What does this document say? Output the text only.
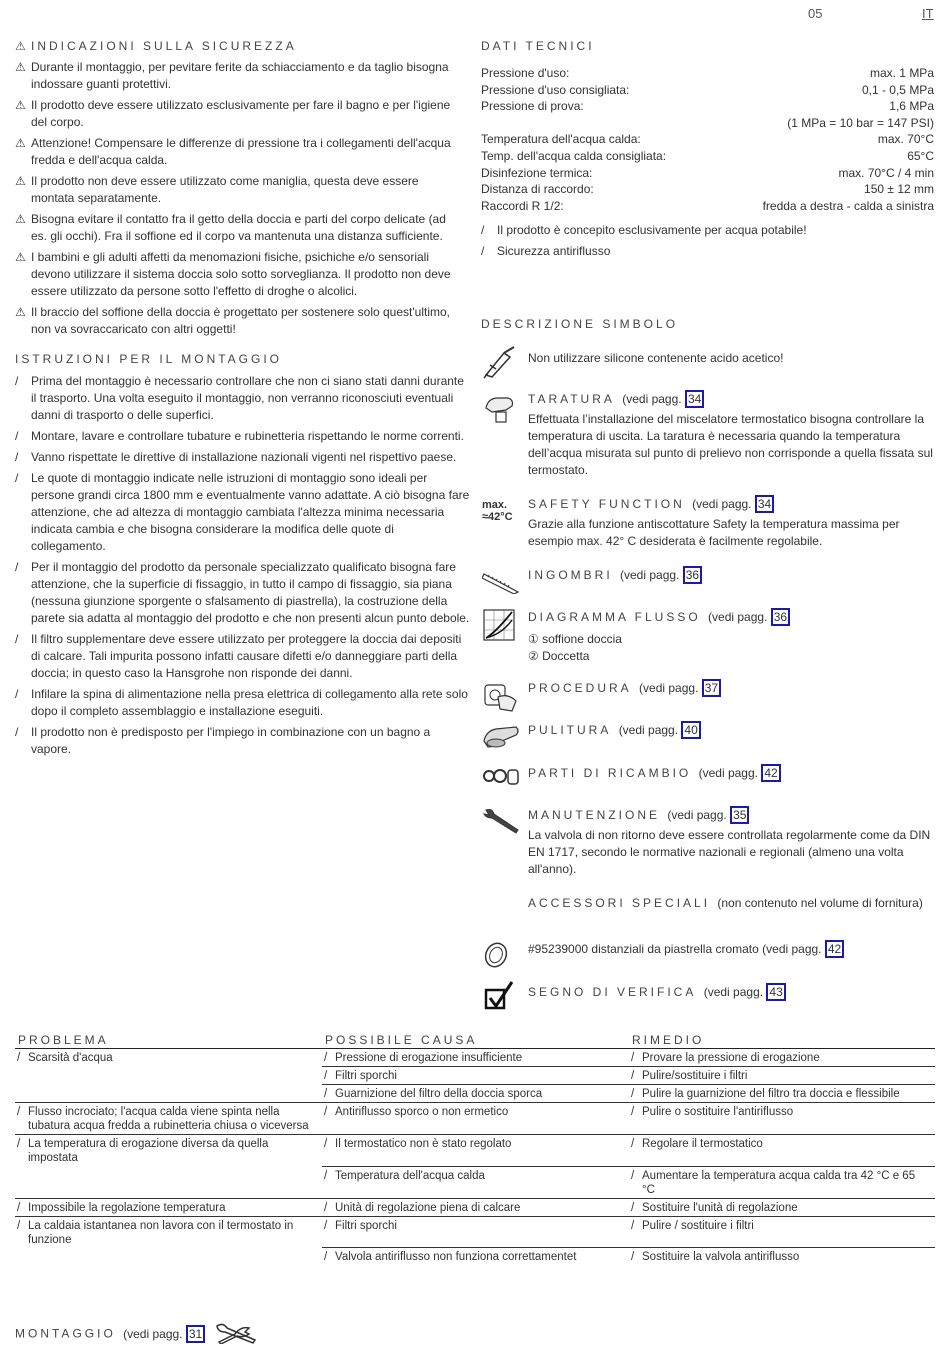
05	IT
⚠ INDICAZIONI SULLA SICUREZZA
⚠ Durante il montaggio, per pevitare ferite da schiacciamento e da taglio bisogna indossare guanti protettivi.
⚠ Il prodotto deve essere utilizzato esclusivamente per fare il bagno e per l'igiene del corpo.
⚠ Attenzione! Compensare le differenze di pressione tra i collegamenti dell'acqua fredda e dell'acqua calda.
⚠ Il prodotto non deve essere utilizzato come maniglia, questa deve essere montata separatamente.
⚠ Bisogna evitare il contatto fra il getto della doccia e parti del corpo delicate (ad es. gli occhi). Fra il soffione ed il corpo va mantenuta una distanza sufficiente.
⚠ I bambini e gli adulti affetti da menomazioni fisiche, psichiche e/o sensoriali devono utilizzare il sistema doccia solo sotto sorveglianza. Il prodotto non deve essere utilizzato da persone sotto l'effetto di droghe o alcolici.
⚠ Il braccio del soffione della doccia è progettato per sostenere solo quest'ultimo, non va sovraccaricato con altri oggetti!
ISTRUZIONI PER IL MONTAGGIO
/ Prima del montaggio è necessario controllare che non ci siano stati danni durante il trasporto. Una volta eseguito il montaggio, non verranno riconosciuti eventuali danni di trasporto o delle superfici.
/ Montare, lavare e controllare tubature e rubinetteria rispettando le norme correnti.
/ Vanno rispettate le direttive di installazione nazionali vigenti nel rispettivo paese.
/ Le quote di montaggio indicate nelle istruzioni di montaggio sono ideali per persone grandi circa 1800 mm e eventualmente vanno adattate. A ciò bisogna fare attenzione, che ad altezza di montaggio cambiata l'altezza minima necessaria indicata cambia e che bisogna considerare la modifica delle quote di collegamento.
/ Per il montaggio del prodotto da personale specializzato qualificato bisogna fare attenzione, che la superficie di fissaggio, in tutto il campo di fissaggio, sia piana (nessuna giunzione sporgente o sfalsamento di piastrella), la costruzione della parete sia adatta al montaggio del prodotto e che non presenti alcun punto debole.
/ Il filtro supplementare deve essere utilizzato per proteggere la doccia dai depositi di calcare. Tali impurita possono infatti causare difetti e/o danneggiare parti della doccia; in questo caso la Hansgrohe non risponde dei danni.
/ Infilare la spina di alimentazione nella presa elettrica di collegamento alla rete solo dopo il completo assemblaggio e installazione eseguiti.
/ Il prodotto non è predisposto per l'impiego in combinazione con un bagno a vapore.
DATI TECNICI
Pressione d'uso:	max. 1 MPa
Pressione d'uso consigliata:	0,1 - 0,5 MPa
Pressione di prova:	1,6 MPa
(1 MPa = 10 bar = 147 PSI)
Temperatura dell'acqua calda:	max. 70°C
Temp. dell'acqua calda consigliata:	65°C
Disinfezione termica:	max. 70°C / 4 min
Distanza di raccordo:	150 ± 12 mm
Raccordi R 1/2:	fredda a destra - calda a sinistra
/ Il prodotto è concepito esclusivamente per acqua potabile!
/ Sicurezza antiriflusso
DESCRIZIONE SIMBOLO
Non utilizzare silicone contenente acido acetico!
TARATURA (vedi pagg. 34
Effettuata l’installazione del miscelatore termostatico bisogna controllare la temperatura di uscita. La taratura è necessaria quando la temperatura dell’acqua misurata sul punto di prelievo non corrisponde a quella fissata sul termostato.
max.
≈42°C
SAFETY FUNCTION (vedi pagg. 34
Grazie alla funzione antiscottature Safety la temperatura massima per esempio max. 42° C desiderata è facilmente regolabile.
INGOMBRI (vedi pagg. 36
DIAGRAMMA FLUSSO (vedi pagg. 36
① soffione doccia
② Doccetta
PROCEDURA (vedi pagg. 37
PULITURA (vedi pagg. 40
PARTI DI RICAMBIO (vedi pagg. 42
MANUTENZIONE (vedi pagg. 35
La valvola di non ritorno deve essere controllata regolarmente come da DIN EN 1717, secondo le normative nazionali e regionali (almeno una volta all'anno).
ACCESSORI SPECIALI (non contenuto nel volume di fornitura)
#95239000 distanziali da piastrella cromato (vedi pagg. 42
SEGNO DI VERIFICA (vedi pagg. 43
PROBLEMA	POSSIBILE CAUSA	RIMEDIO
/ Scarsità d'acqua	/ Pressione di erogazione insufficiente	/ Provare la pressione di erogazione

	/ Filtri sporchi	/ Pulire/sostituire i filtri

	/ Guarnizione del filtro della doccia sporca	/ Pulire la guarnizione del filtro tra doccia e flessibile

/ Flusso incrociato; l'acqua calda viene spinta nella tubatura acqua fredda a rubinetteria chiusa o viceversa	/ Antiriflusso sporco o non ermetico	/ Pulire o sostituire l'antiriflusso

/ La temperatura di erogazione diversa da quella impostata	/ Il termostatico non è stato regolato	/ Regolare il termostatico

	/ Temperatura dell'acqua calda	/ Aumentare la temperatura acqua calda tra 42 °C e 65 °C

/ Impossibile la regolazione temperatura	/ Unità di regolazione piena di calcare	/ Sostituire l'unità di regolazione

/ La caldaia istantanea non lavora con il termostato in funzione	/ Filtri sporchi	/ Pulire / sostituire i filtri

	/ Valvola antiriflusso non funziona correttamentet	/ Sostituire la valvola antiriflusso
MONTAGGIO (vedi pagg. 31
